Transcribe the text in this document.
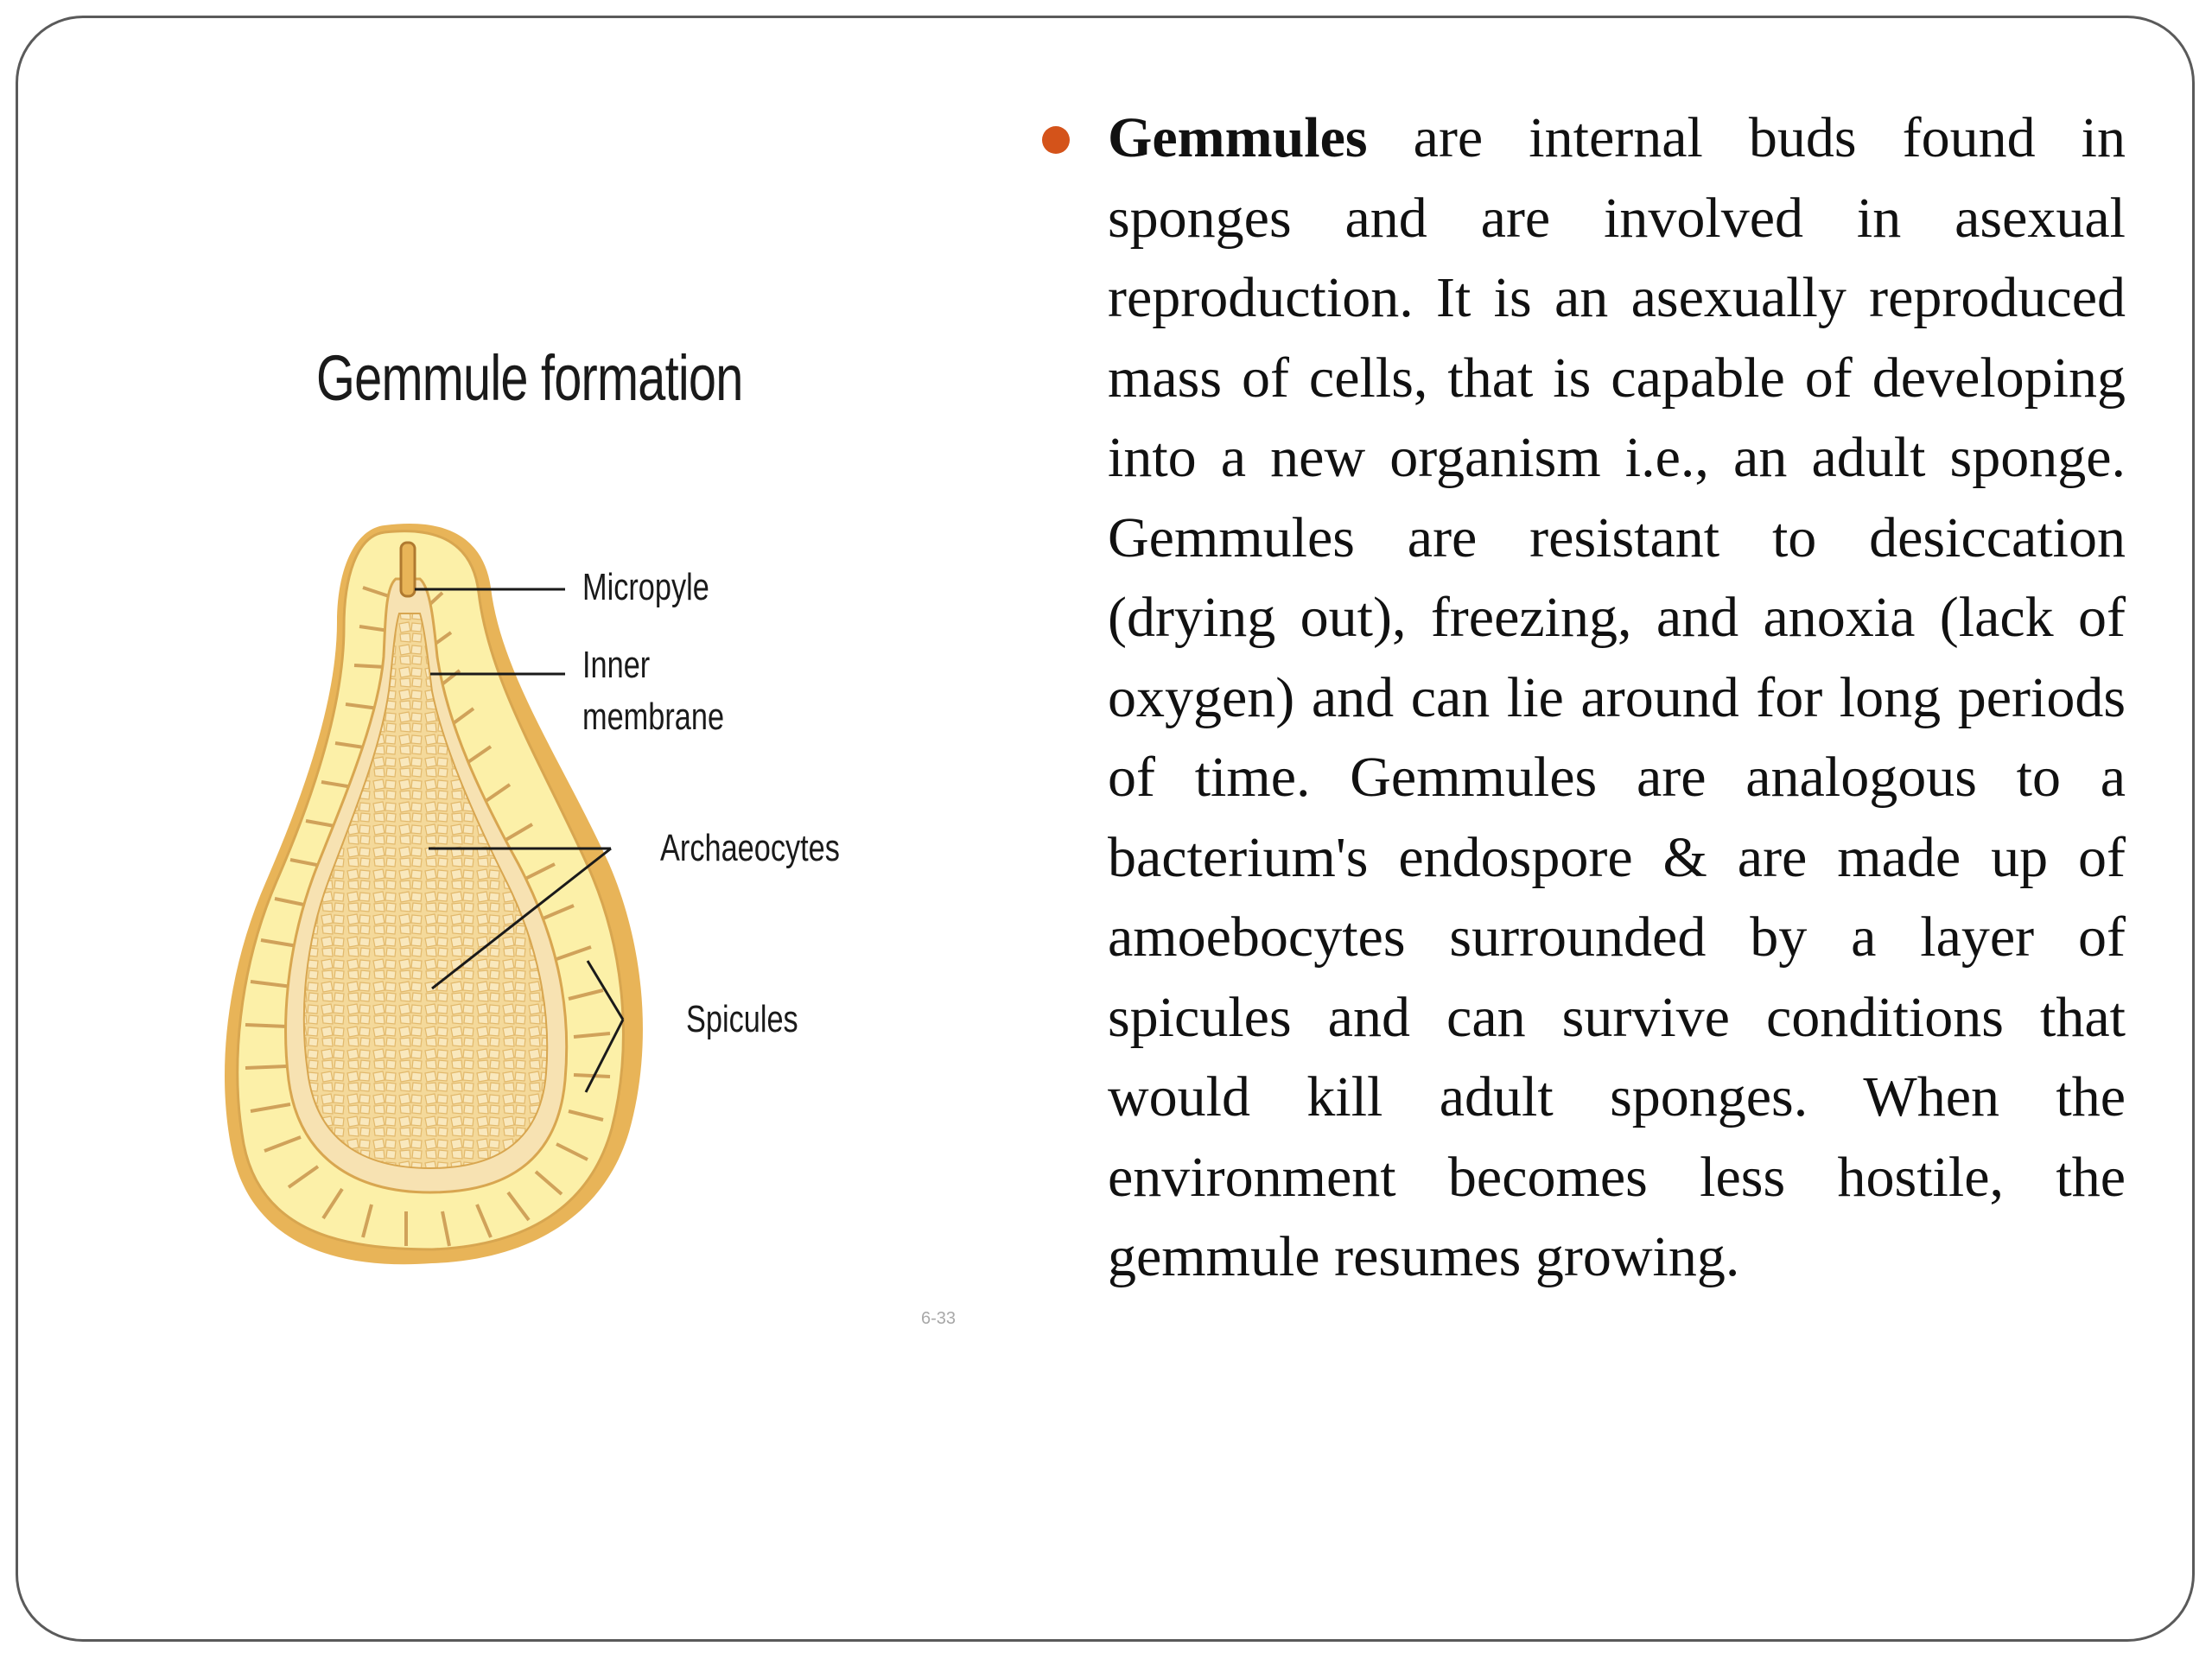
Gemmule formation
Micropyle
Inner
membrane
Archaeocytes
Spicules
6-33

Gemmules are internal buds found in sponges and are involved in asexual reproduction. It is an asexually reproduced mass of cells, that is capable of developing into a new organism i.e., an adult sponge. Gemmules are resistant to desiccation (drying out), freezing, and anoxia (lack of oxygen) and can lie around for long periods of time. Gemmules are analogous to a bacterium's endospore & are made up of amoebocytes surrounded by a layer of spicules and can survive conditions that would kill adult sponges. When the environment becomes less hostile, the gemmule resumes growing.
